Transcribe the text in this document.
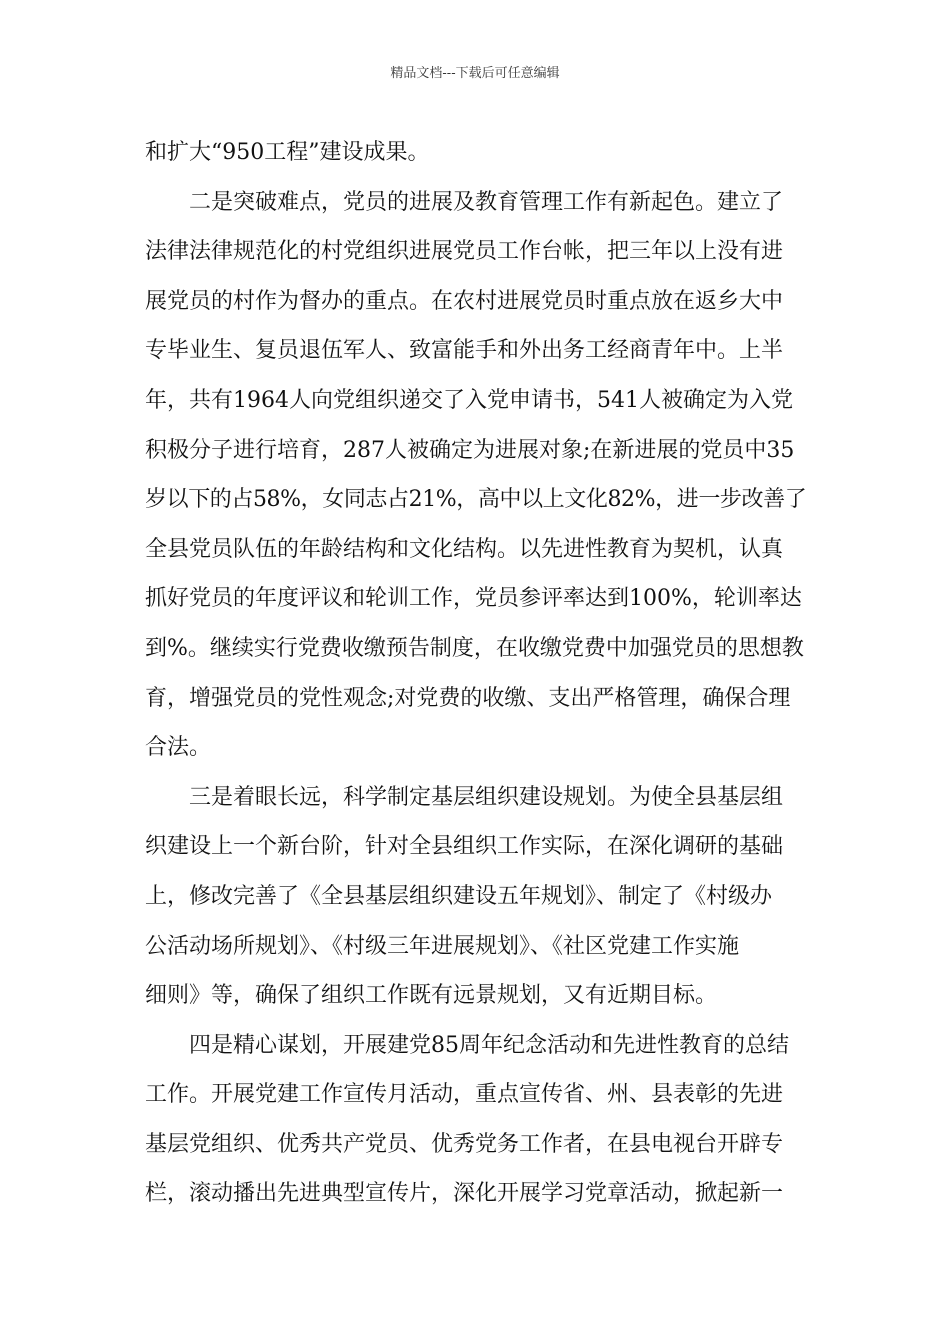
精品文档---下载后可任意编辑
和扩大“950工程”建设成果。
二是突破难点，党员的进展及教育管理工作有新起色。建立了
法律法律规范化的村党组织进展党员工作台帐，把三年以上没有进
展党员的村作为督办的重点。在农村进展党员时重点放在返乡大中
专毕业生、复员退伍军人、致富能手和外出务工经商青年中。上半
年，共有1964人向党组织递交了入党申请书，541人被确定为入党
积极分子进行培育，287人被确定为进展对象;在新进展的党员中35
岁以下的占58%，女同志占21%，高中以上文化82%，进一步改善了
全县党员队伍的年龄结构和文化结构。以先进性教育为契机，认真
抓好党员的年度评议和轮训工作，党员参评率达到100%，轮训率达
到%。继续实行党费收缴预告制度，在收缴党费中加强党员的思想教
育，增强党员的党性观念;对党费的收缴、支出严格管理，确保合理
合法。
三是着眼长远，科学制定基层组织建设规划。为使全县基层组
织建设上一个新台阶，针对全县组织工作实际，在深化调研的基础
上，修改完善了《全县基层组织建设五年规划》、制定了《村级办
公活动场所规划》、《村级三年进展规划》、《社区党建工作实施
细则》等，确保了组织工作既有远景规划，又有近期目标。
四是精心谋划，开展建党85周年纪念活动和先进性教育的总结
工作。开展党建工作宣传月活动，重点宣传省、州、县表彰的先进
基层党组织、优秀共产党员、优秀党务工作者，在县电视台开辟专
栏，滚动播出先进典型宣传片，深化开展学习党章活动，掀起新一
